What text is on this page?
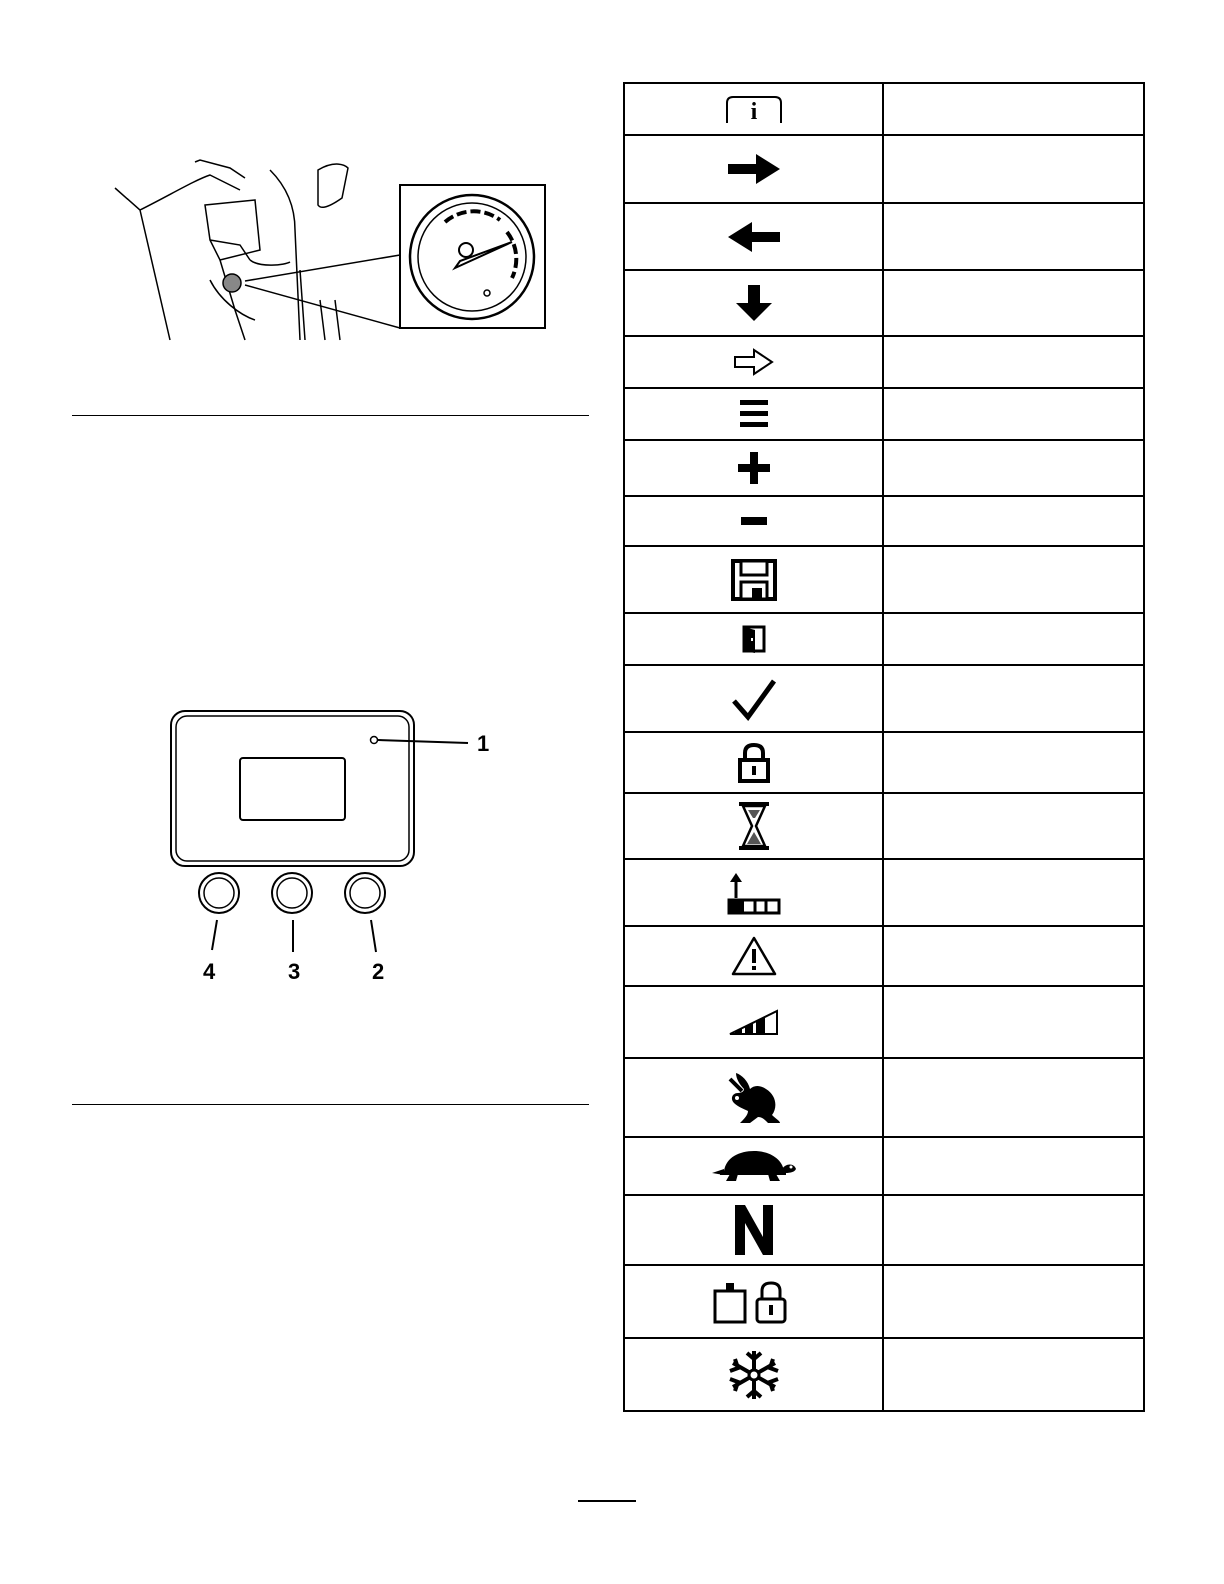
1
4	3	2
i	
